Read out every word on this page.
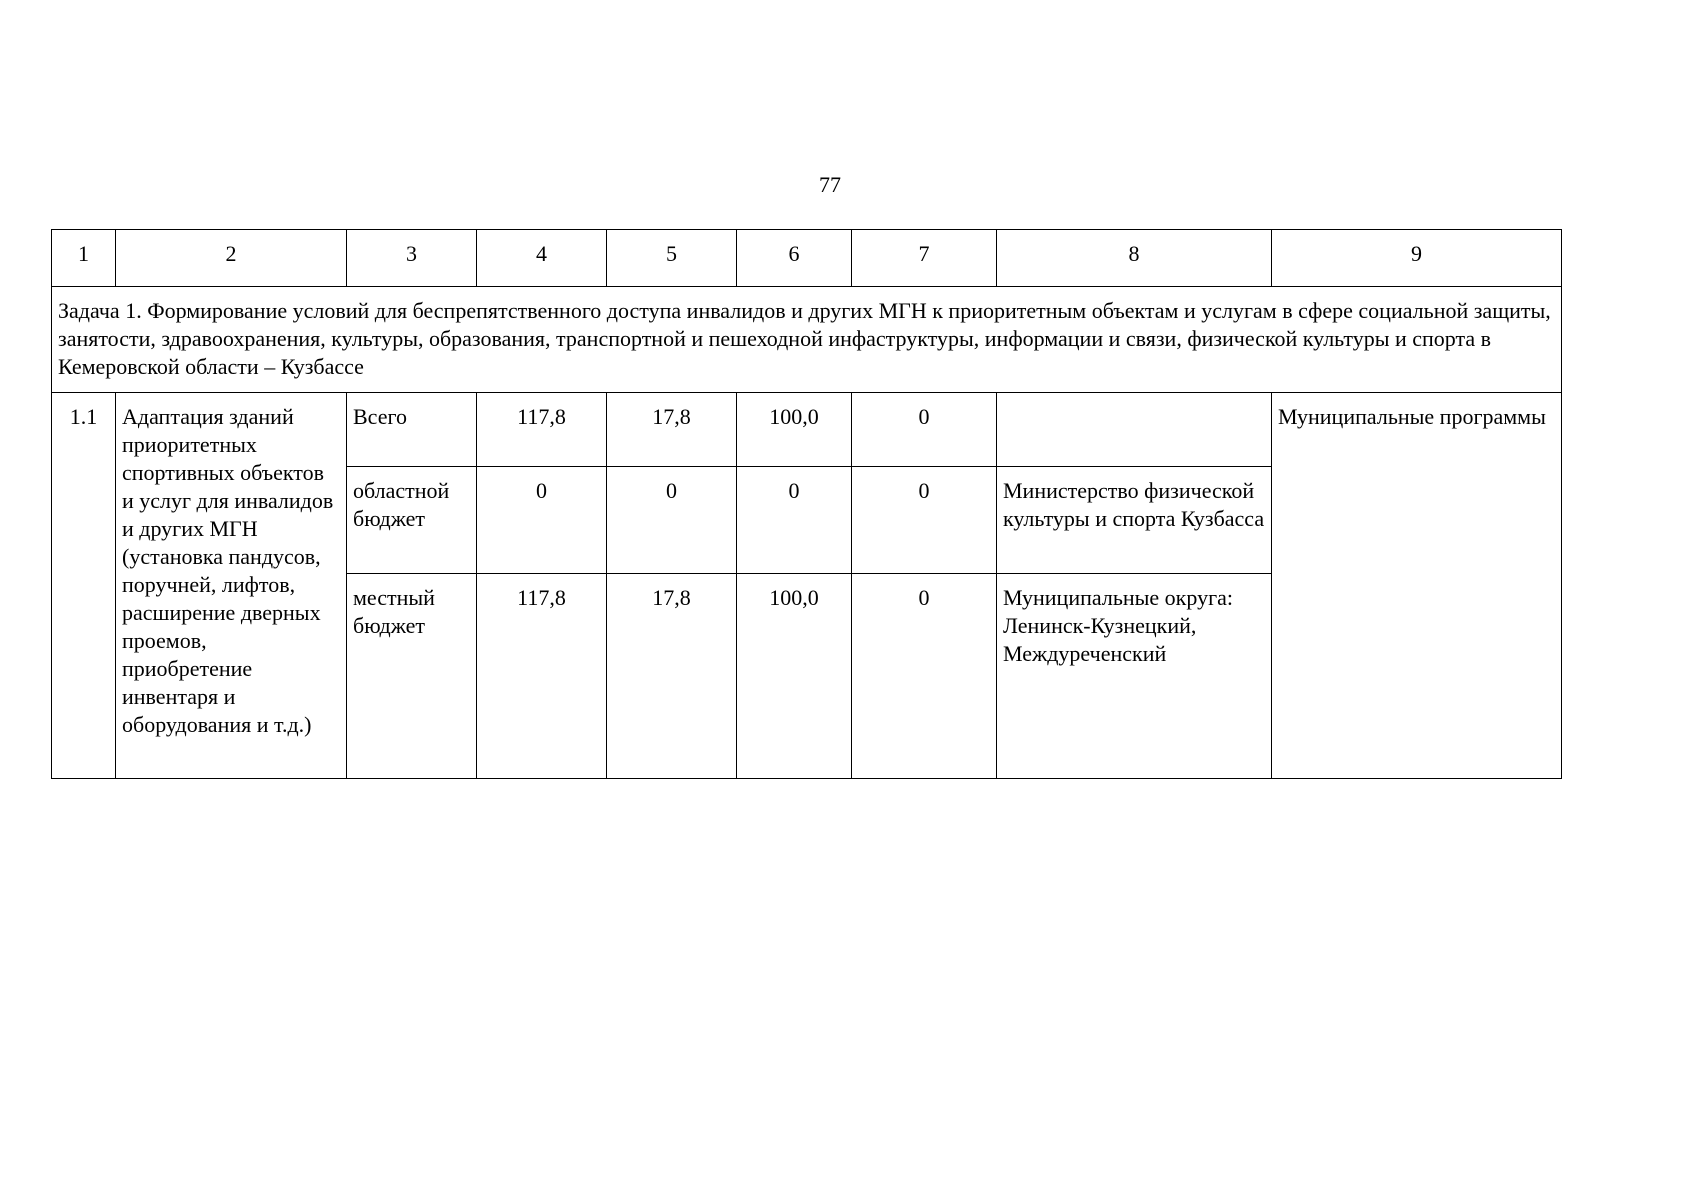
77
1	2	3	4	5	6	7	8	9
Задача 1. Формирование условий для беспрепятственного доступа инвалидов и других МГН к приоритетным объектам и услугам в сфере социальной защиты, занятости, здравоохранения, культуры, образования, транспортной и пешеходной инфаструктуры, информации и связи, физической культуры и спорта в Кемеровской области – Кузбассе								
1.1	Адаптация зданий приоритетных спортивных объектов и услуг для инвалидов и других МГН (установка пандусов, поручней, лифтов, расширение дверных проемов, приобретение инвентаря и оборудования и т.д.)	Всего	117,8	17,8	100,0	0		Муниципальные программы
		областной бюджет	0	0	0	0	Министерство физической культуры и спорта Кузбасса	
		местный бюджет	117,8	17,8	100,0	0	Муниципальные округа: Ленинск-Кузнецкий, Междуреченский	
